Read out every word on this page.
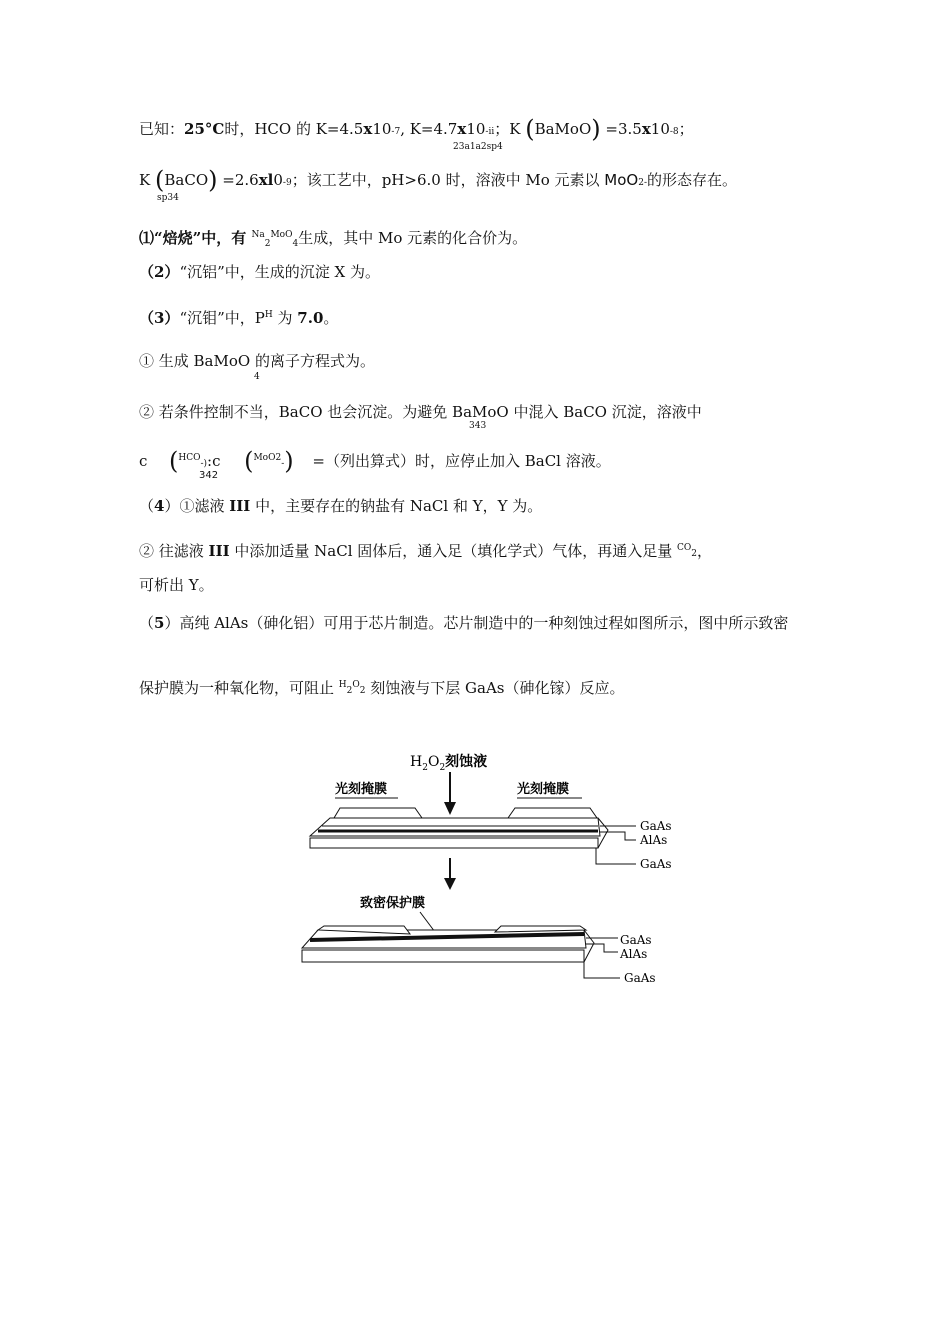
已知：25°C时，HCO 的 K=4.5x10-7, K=4.7x10-ii；K (BaMoO) =3.5x10-8；
23a1a2sp4
K (BaCO) =2.6xl0-9；该工艺中，pH>6.0 时，溶液中 Mo 元素以 MoO2-的形态存在。
sp34
⑴“焙烧”中，有 $^{Na}_2^{MoO}_4$生成，其中 Mo 元素的化合价为。
（2）“沉铝”中，生成的沉淀 X 为。
（3）“沉钼”中，$P^H$ 为 7.0。
① 生成 BaMoO 的离子方程式为。
4
② 若条件控制不当，BaCO 也会沉淀。为避免 BaMoO 中混入 BaCO 沉淀，溶液中
343
c ($^{HCO}$-):c ($^{MoO2}$-) =（列出算式）时，应停止加入 BaCl 溶液。
342
（4）①滤液 III 中，主要存在的钠盐有 NaCl 和 Y，Y 为。
② 往滤液 III 中添加适量 NaCl 固体后，通入足（填化学式）气体，再通入足量 $^{CO}$2，
可析出 Y。
（5）高纯 AlAs（砷化铝）可用于芯片制造。芯片制造中的一种刻蚀过程如图所示，图中所示致密
保护膜为一种氧化物，可阻止 $^H2^O2$ 刻蚀液与下层 GaAs（砷化镓）反应。
$H_2O_2$刻蚀液
光刻掩膜	光刻掩膜
GaAs
AlAs
GaAs
致密保护膜
GaAs
AlAs
GaAs
